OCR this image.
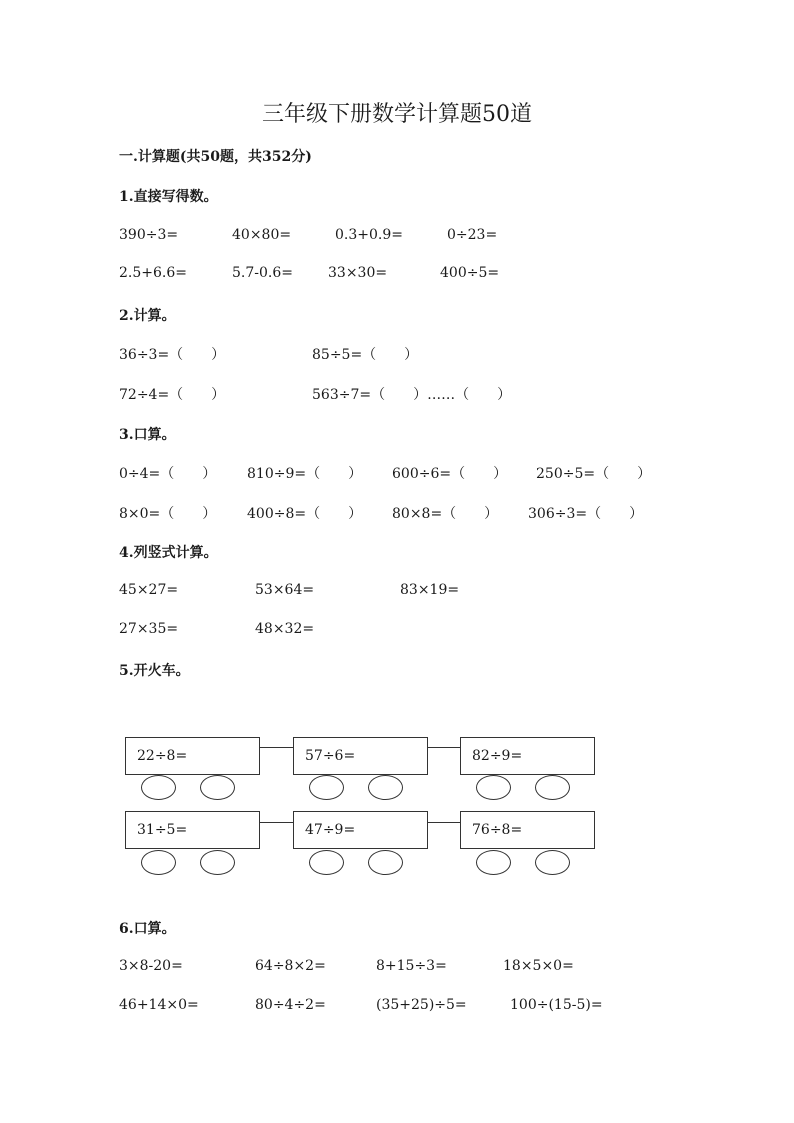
三年级下册数学计算题50道
一.计算题(共50题，共352分)
1.直接写得数。
390÷3=	40×80=	0.3+0.9=	0÷23=
2.5+6.6=	5.7-0.6=	33×30=	400÷5=
2.计算。
36÷3=（　　）	85÷5=（　　）
72÷4=（　　）	563÷7=（　　）……（　　）
3.口算。
0÷4=（　　） 810÷9=（　　） 600÷6=（　　） 250÷5=（　　）
8×0=（　　） 400÷8=（　　） 80×8=（　　） 306÷3=（　　）
4.列竖式计算。
45×27=	53×64=	83×19=
27×35=	48×32=
5.开火车。
22÷8=	57÷6=	82÷9=
31÷5=	47÷9=	76÷8=
6.口算。
3×8-20=	64÷8×2=	8+15÷3=	18×5×0=
46+14×0=	80÷4÷2=	(35+25)÷5=	100÷(15-5)=
